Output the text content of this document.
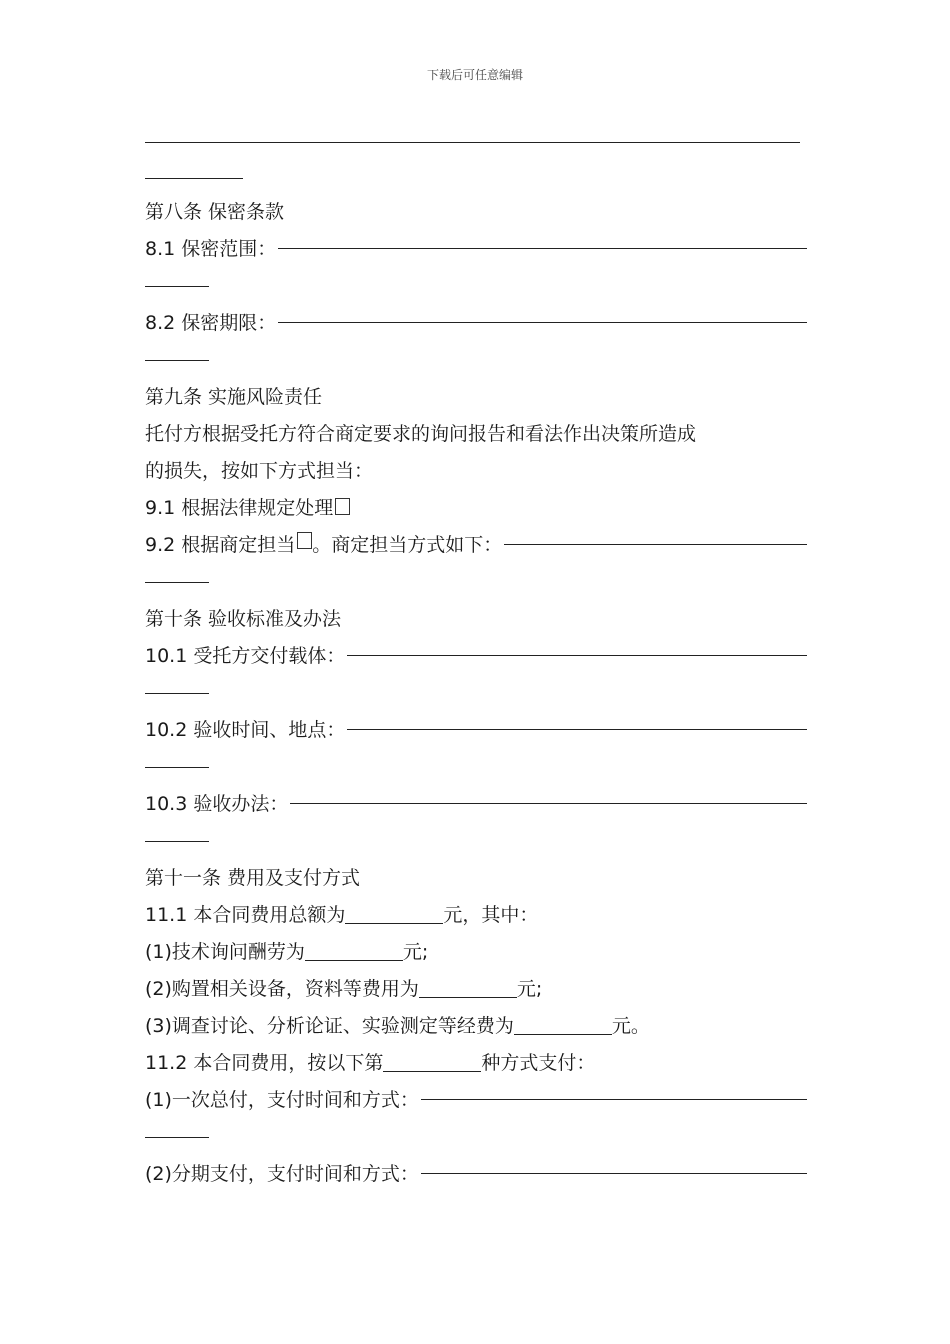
下载后可任意编辑
第八条 保密条款
8.1 保密范围：
8.2 保密期限：
第九条 实施风险责任
托付方根据受托方符合商定要求的询问报告和看法作出决策所造成
的损失，按如下方式担当：
9.1 根据法律规定处理
9.2 根据商定担当 。商定担当方式如下：
第十条 验收标准及办法
10.1 受托方交付载体：
10.2 验收时间、地点：
10.3 验收办法：
第十一条 费用及支付方式
11.1 本合同费用总额为	元，其中：
(1)技术询问酬劳为	元;
(2)购置相关设备，资料等费用为	元;
(3)调查讨论、分析论证、实验测定等经费为	元。
11.2 本合同费用，按以下第	种方式支付：
(1)一次总付，支付时间和方式：
(2)分期支付，支付时间和方式：
